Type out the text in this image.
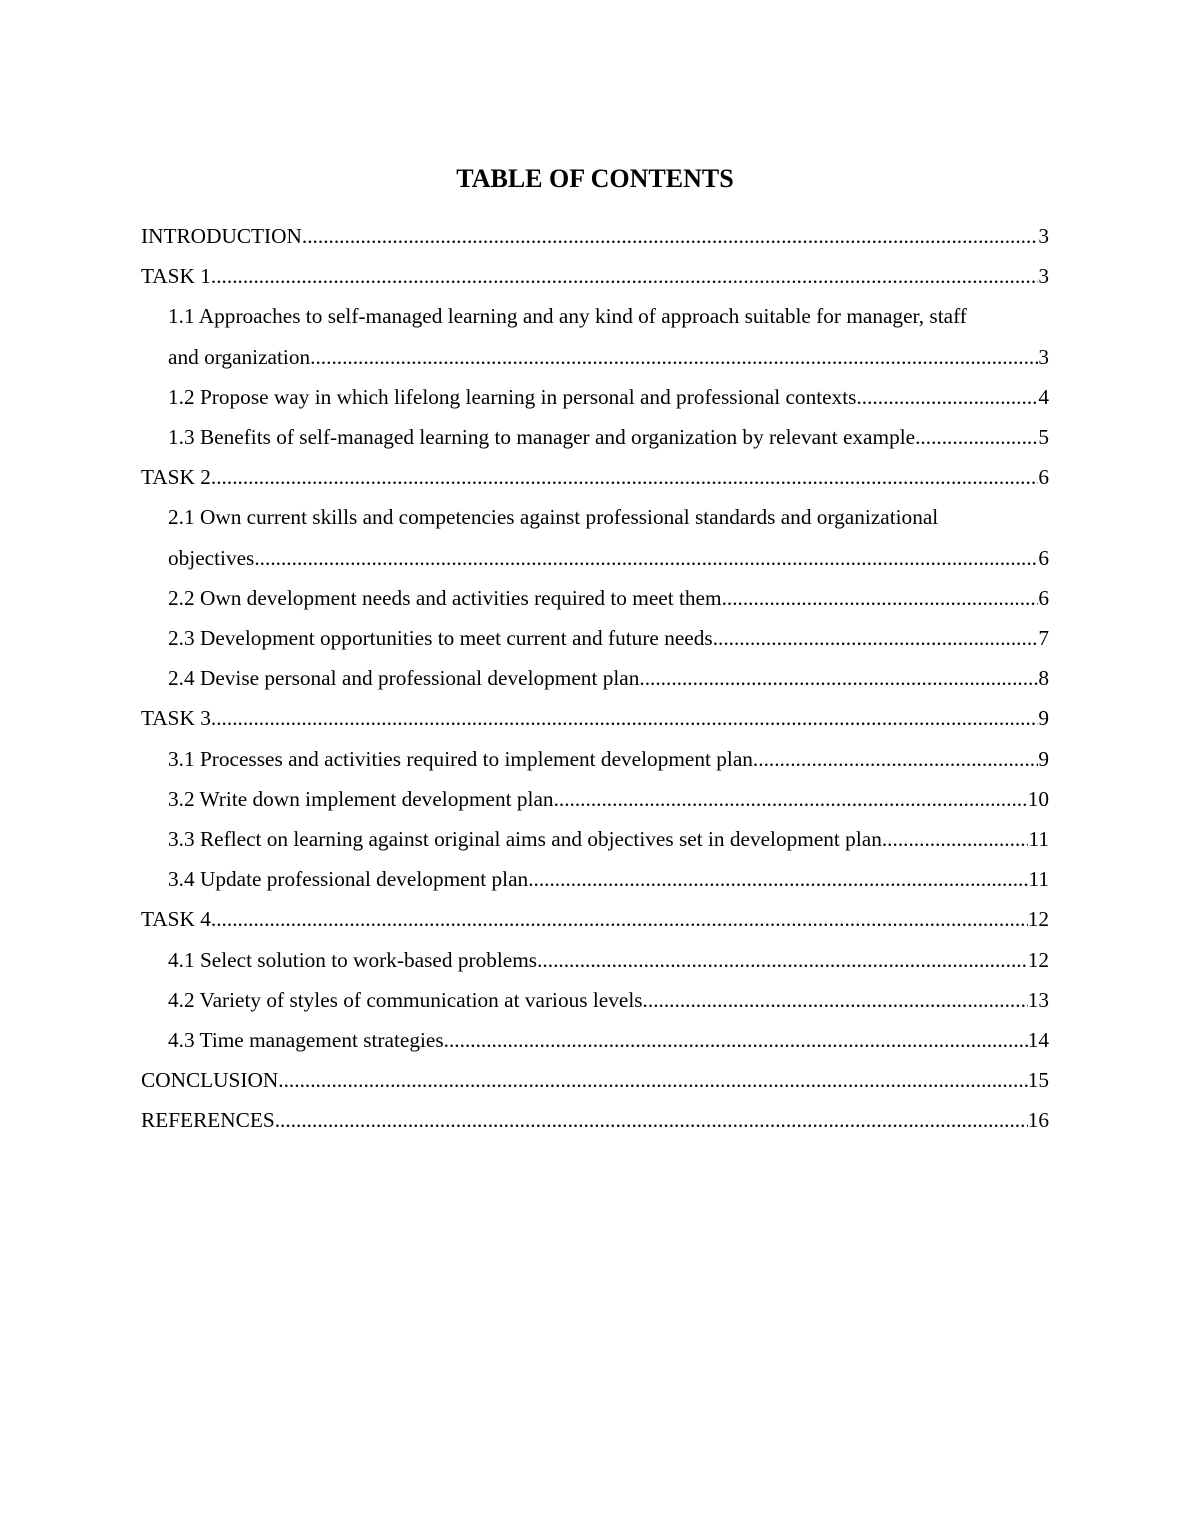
TABLE OF CONTENTS
INTRODUCTION .....	3
TASK 1 .....	3
1.1 Approaches to self-managed learning and any kind of approach suitable for manager, staff
and organization .....	3
1.2 Propose way in which lifelong learning in personal and professional contexts .....	4
1.3 Benefits of self-managed learning to manager and organization by relevant example. .....	5
TASK 2 .....	6
2.1 Own current skills and competencies against professional standards and organizational
objectives .....	6
2.2 Own development needs and activities required to meet them .....	6
2.3 Development opportunities to meet current and future needs .....	7
2.4 Devise personal and professional development plan .....	8
TASK 3 .....	9
3.1 Processes and activities required to implement development plan .....	9
3.2 Write down implement development plan .....	10
3.3 Reflect on learning against original aims and objectives set in development plan .....	11
3.4 Update professional development plan .....	11
TASK 4 .....	12
4.1 Select solution to work-based problems .....	12
4.2 Variety of styles of communication at various levels .....	13
4.3 Time management strategies .....	14
CONCLUSION .....	15
REFERENCES .....	16
